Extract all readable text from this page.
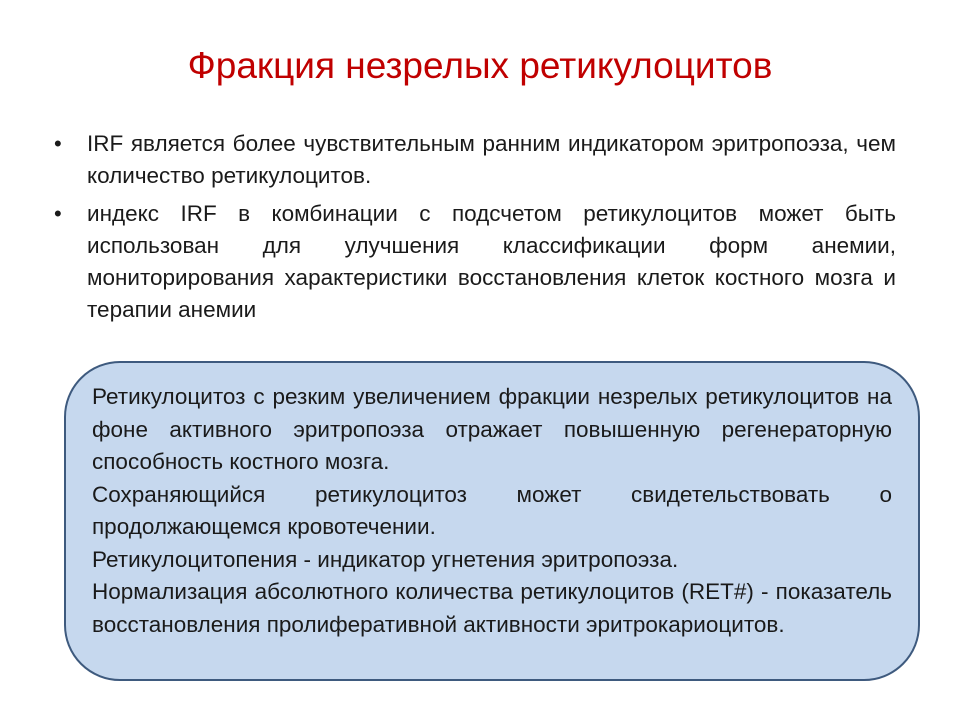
Фракция незрелых ретикулоцитов
• IRF является более чувствительным ранним индикатором эритропоэза, чем количество ретикулоцитов.
• индекс IRF в комбинации с подсчетом ретикулоцитов может быть использован для улучшения классификации форм анемии, мониторирования характеристики восстановления клеток костного мозга и терапии анемии

Ретикулоцитоз с резким увеличением фракции незрелых ретикулоцитов на фоне активного эритропоэза отражает повышенную регенераторную способность костного мозга.

Сохраняющийся ретикулоцитоз может свидетельствовать о продолжающемся кровотечении.

Ретикулоцитопения - индикатор угнетения эритропоэза.

Нормализация абсолютного количества ретикулоцитов (RET#) - показатель восстановления пролиферативной активности эритрокариоцитов.
